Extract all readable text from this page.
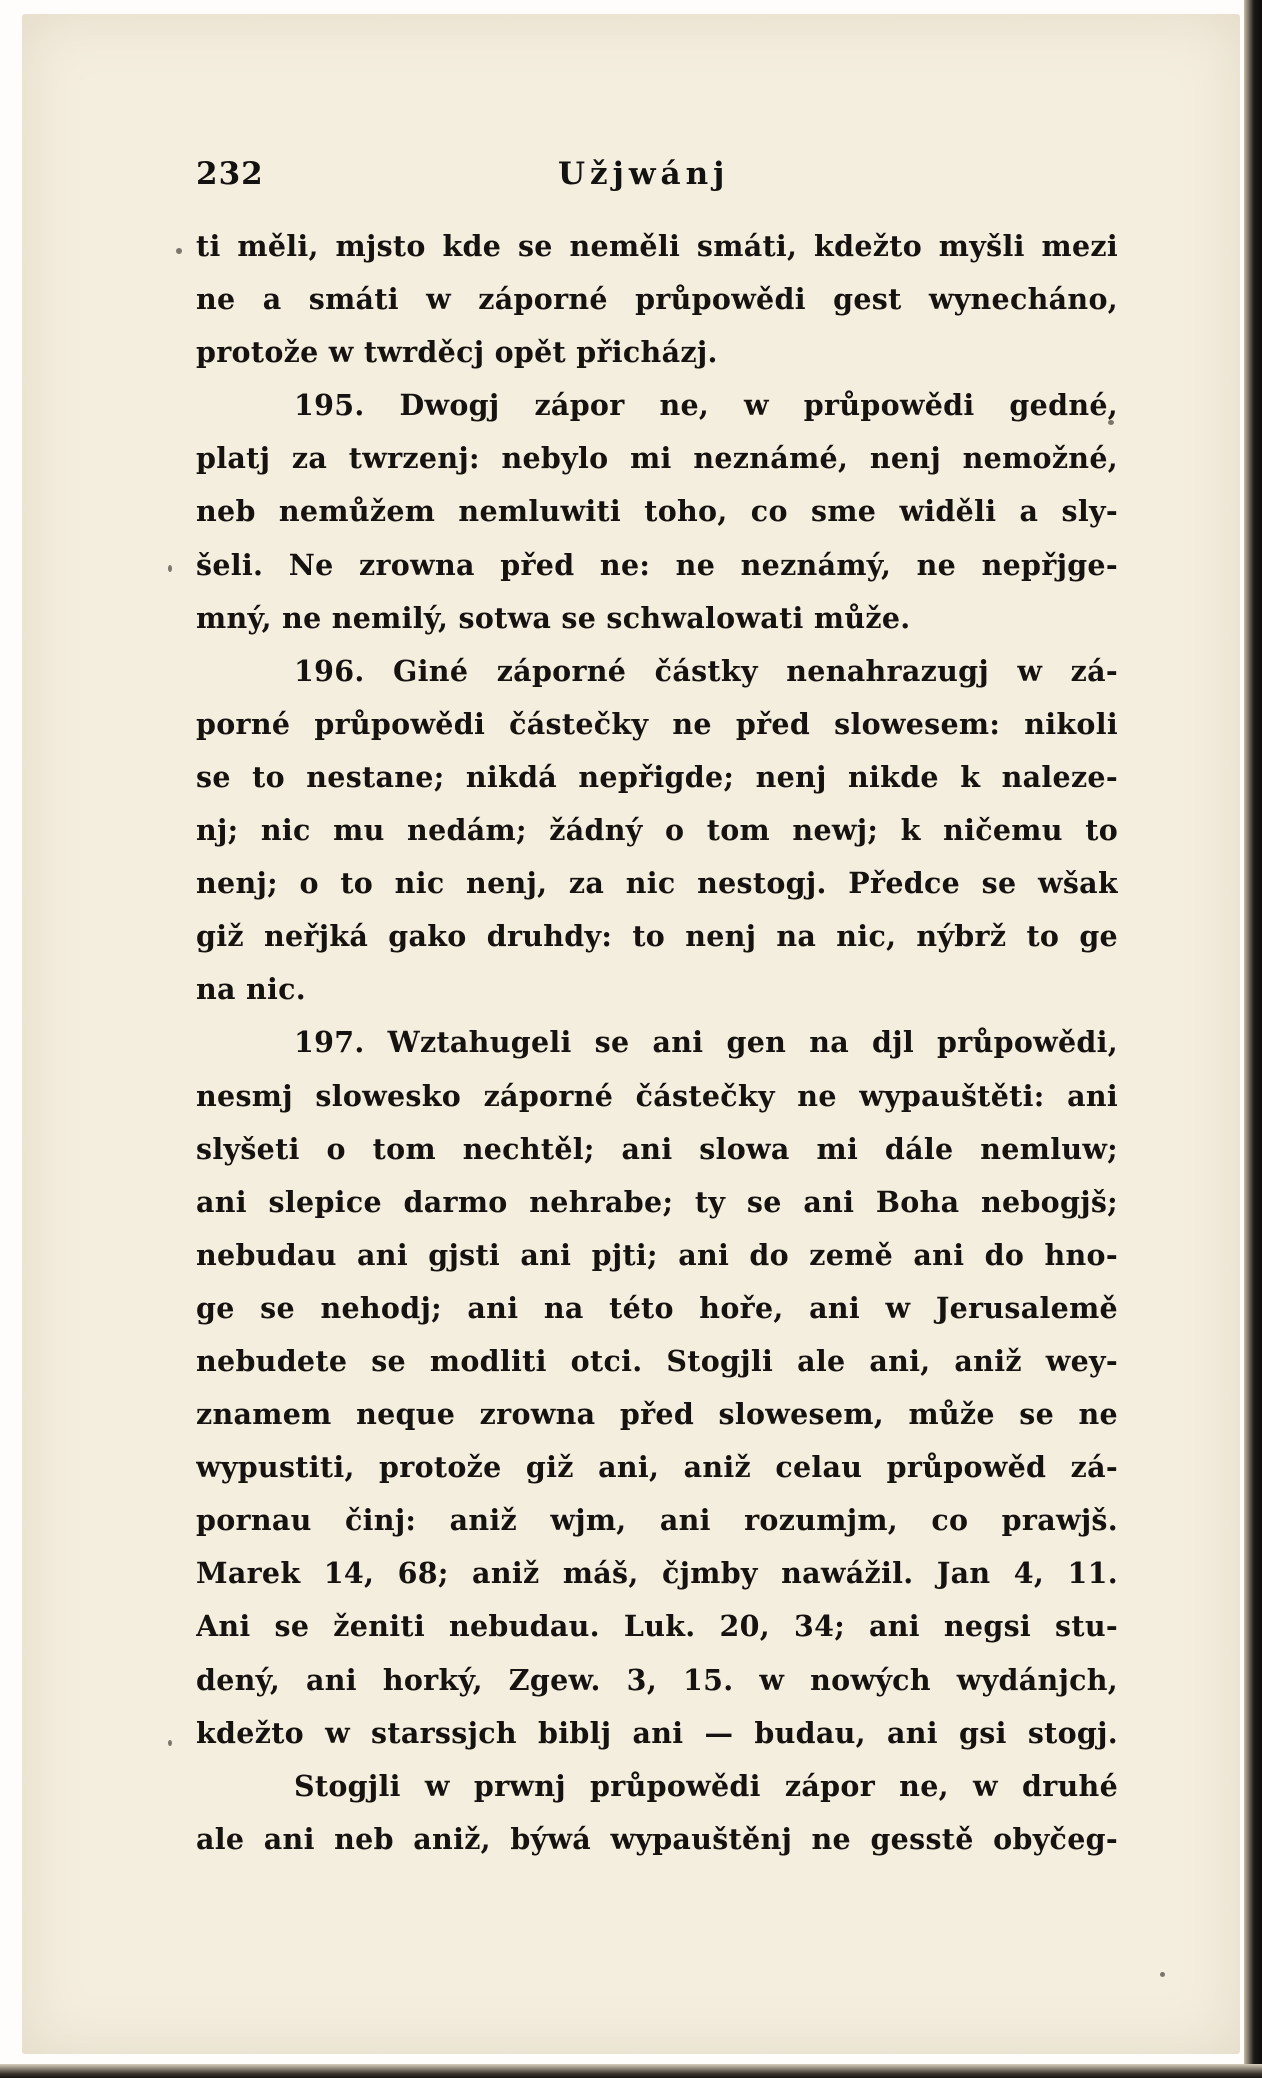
232	Užjwánj
ti měli, mjsto kde se neměli smáti, kdežto myšli mezi
ne a smáti w záporné průpowědi gest wynecháno,
protože w twrděcj opět přicházj.
195. Dwogj zápor ne, w průpowědi gedné,
platj za twrzenj: nebylo mi neznámé, nenj nemožné,
neb nemůžem nemluwiti toho, co sme widěli a sly-
šeli. Ne zrowna před ne: ne neznámý, ne nepřjge-
mný, ne nemilý, sotwa se schwalowati může.
196. Giné záporné částky nenahrazugj w zá-
porné průpowědi částečky ne před slowesem: nikoli
se to nestane; nikdá nepřigde; nenj nikde k naleze-
nj; nic mu nedám; žádný o tom newj; k ničemu to
nenj; o to nic nenj, za nic nestogj. Předce se wšak
giž neřjká gako druhdy: to nenj na nic, nýbrž to ge
na nic.
197. Wztahugeli se ani gen na djl průpowědi,
nesmj slowesko záporné částečky ne wypauštěti: ani
slyšeti o tom nechtěl; ani slowa mi dále nemluw;
ani slepice darmo nehrabe; ty se ani Boha nebogjš;
nebudau ani gjsti ani pjti; ani do země ani do hno-
ge se nehodj; ani na této hoře, ani w Jerusalemě
nebudete se modliti otci. Stogjli ale ani, aniž wey-
znamem neque zrowna před slowesem, může se ne
wypustiti, protože giž ani, aniž celau průpowěd zá-
pornau činj: aniž wjm, ani rozumjm, co prawjš.
Marek 14, 68; aniž máš, čjmby nawážil. Jan 4, 11.
Ani se ženiti nebudau. Luk. 20, 34; ani negsi stu-
dený, ani horký, Zgew. 3, 15. w nowých wydánjch,
kdežto w starssjch biblj ani — budau, ani gsi stogj.
Stogjli w prwnj průpowědi zápor ne, w druhé
ale ani neb aniž, býwá wypauštěnj ne gesstě obyčeg-
